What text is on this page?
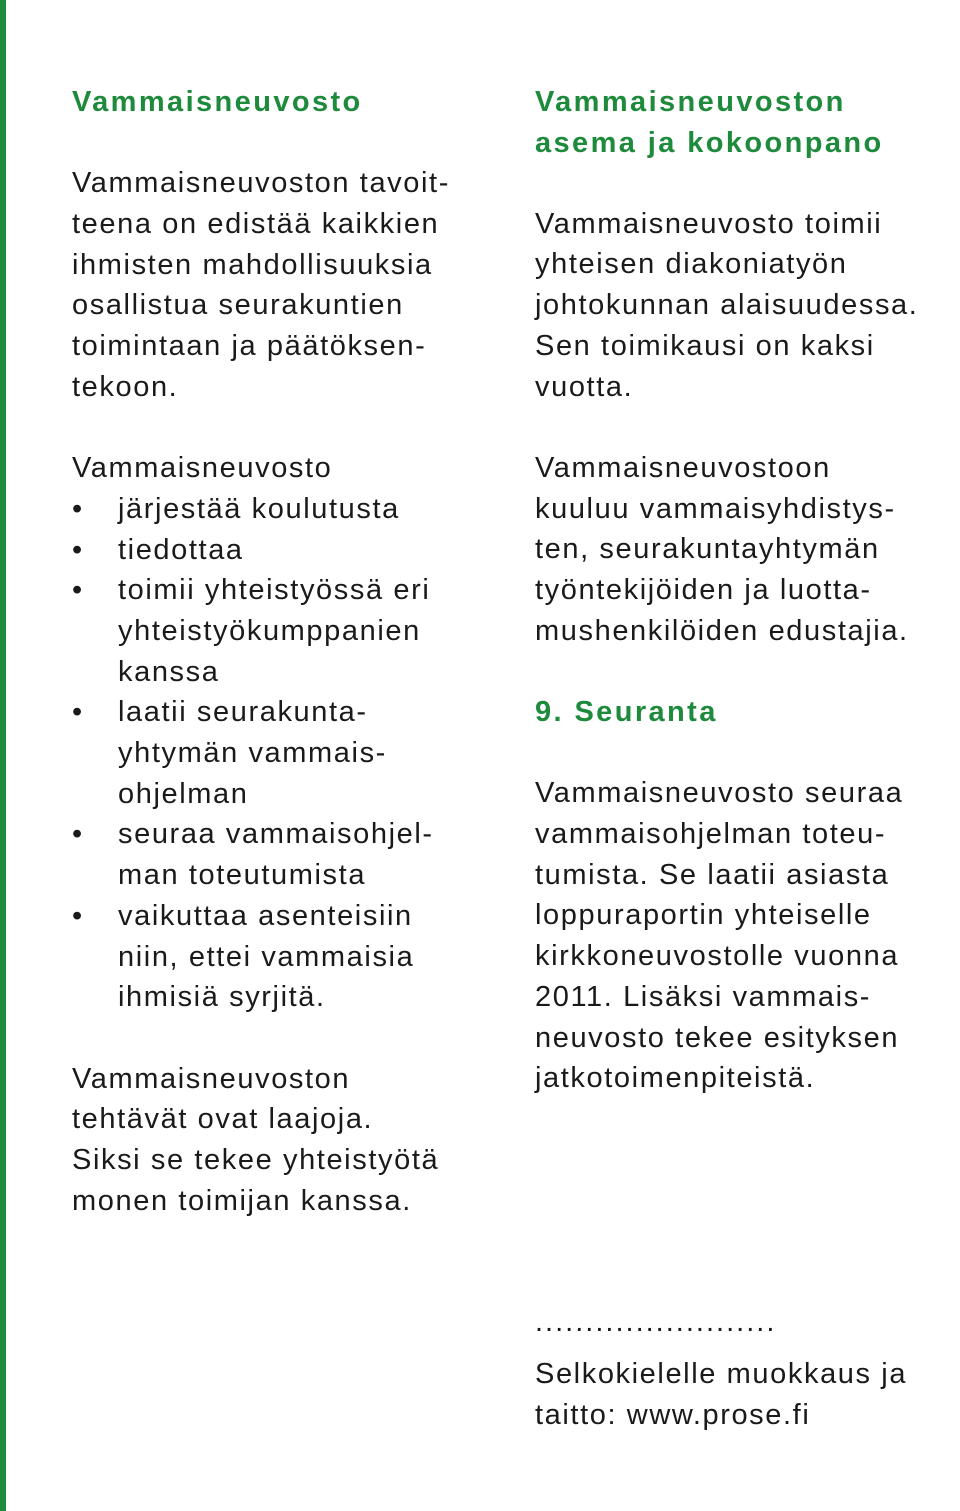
Vammaisneuvosto

Vammaisneuvoston tavoit-
teena on edistää kaikkien
ihmisten mahdollisuuksia
osallistua seurakuntien
toimintaan ja päätöksen-
tekoon.

Vammaisneuvosto

• järjestää koulutusta
• tiedottaa
• toimii yhteistyössä eri
yhteistyökumppanien
kanssa
• laatii seurakunta-
yhtymän vammais-
ohjelman
• seuraa vammaisohjel-
man toteutumista
• vaikuttaa asenteisiin
niin, ettei vammaisia
ihmisiä syrjitä.

Vammaisneuvoston
tehtävät ovat laajoja.
Siksi se tekee yhteistyötä
monen toimijan kanssa.

Vammaisneuvoston
asema ja kokoonpano

Vammaisneuvosto toimii
yhteisen diakoniatyön
johtokunnan alaisuudessa.
Sen toimikausi on kaksi
vuotta.

Vammaisneuvostoon
kuuluu vammaisyhdistys-
ten, seurakuntayhtymän
työntekijöiden ja luotta-
mushenkilöiden edustajia.

9. Seuranta

Vammaisneuvosto seuraa
vammaisohjelman toteu-
tumista. Se laatii asiasta
loppuraportin yhteiselle
kirkkoneuvostolle vuonna
2011. Lisäksi vammais-
neuvosto tekee esityksen
jatkotoimenpiteistä.

........................

Selkokielelle muokkaus ja
taitto: www.prose.fi
